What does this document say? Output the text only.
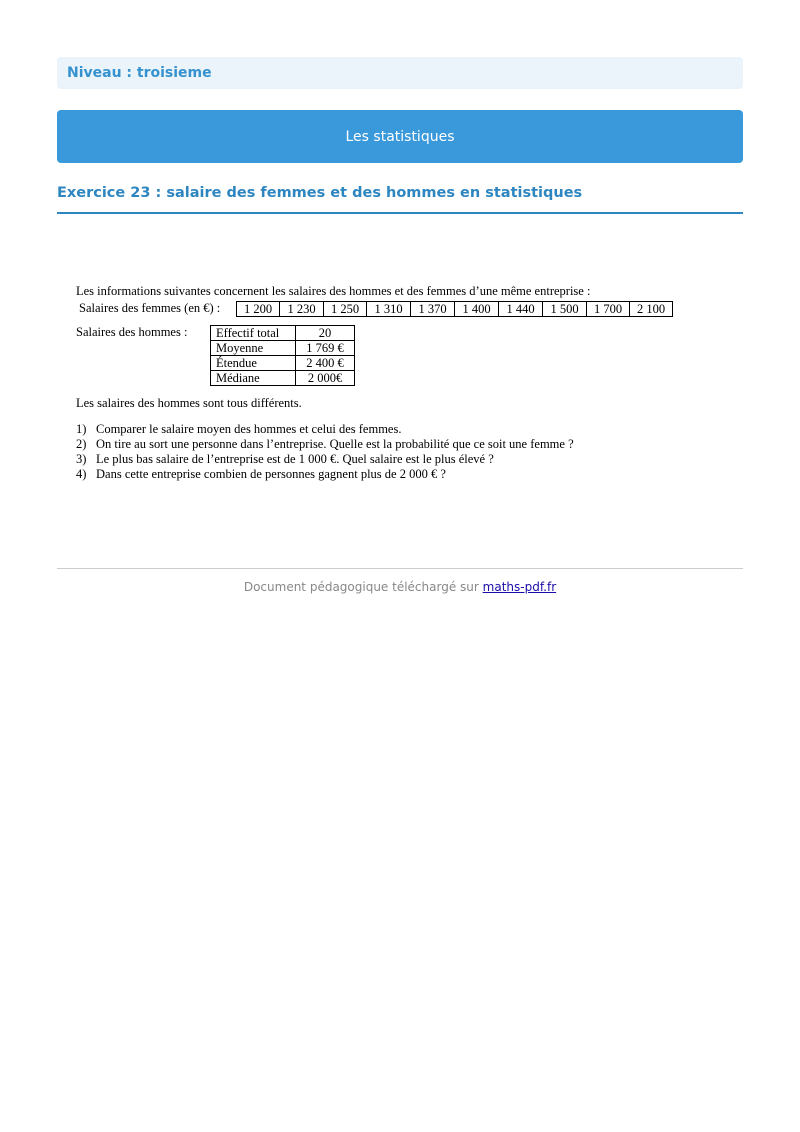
Niveau : troisieme
Les statistiques
Exercice 23 : salaire des femmes et des hommes en statistiques
Les informations suivantes concernent les salaires des hommes et des femmes d’une même entreprise :
Salaires des femmes (en €) : 1 200	1 230	1 250	1 310	1 370	1 400	1 440	1 500	1 700	2 100
Salaires des hommes : Effectif total	20
Moyenne	1 769 €
Étendue	2 400 €
Médiane	2 000€
Les salaires des hommes sont tous différents.
1) Comparer le salaire moyen des hommes et celui des femmes.
2) On tire au sort une personne dans l’entreprise. Quelle est la probabilité que ce soit une femme ?
3) Le plus bas salaire de l’entreprise est de 1 000 €. Quel salaire est le plus élevé ?
4) Dans cette entreprise combien de personnes gagnent plus de 2 000 € ?
Document pédagogique téléchargé sur maths-pdf.fr
